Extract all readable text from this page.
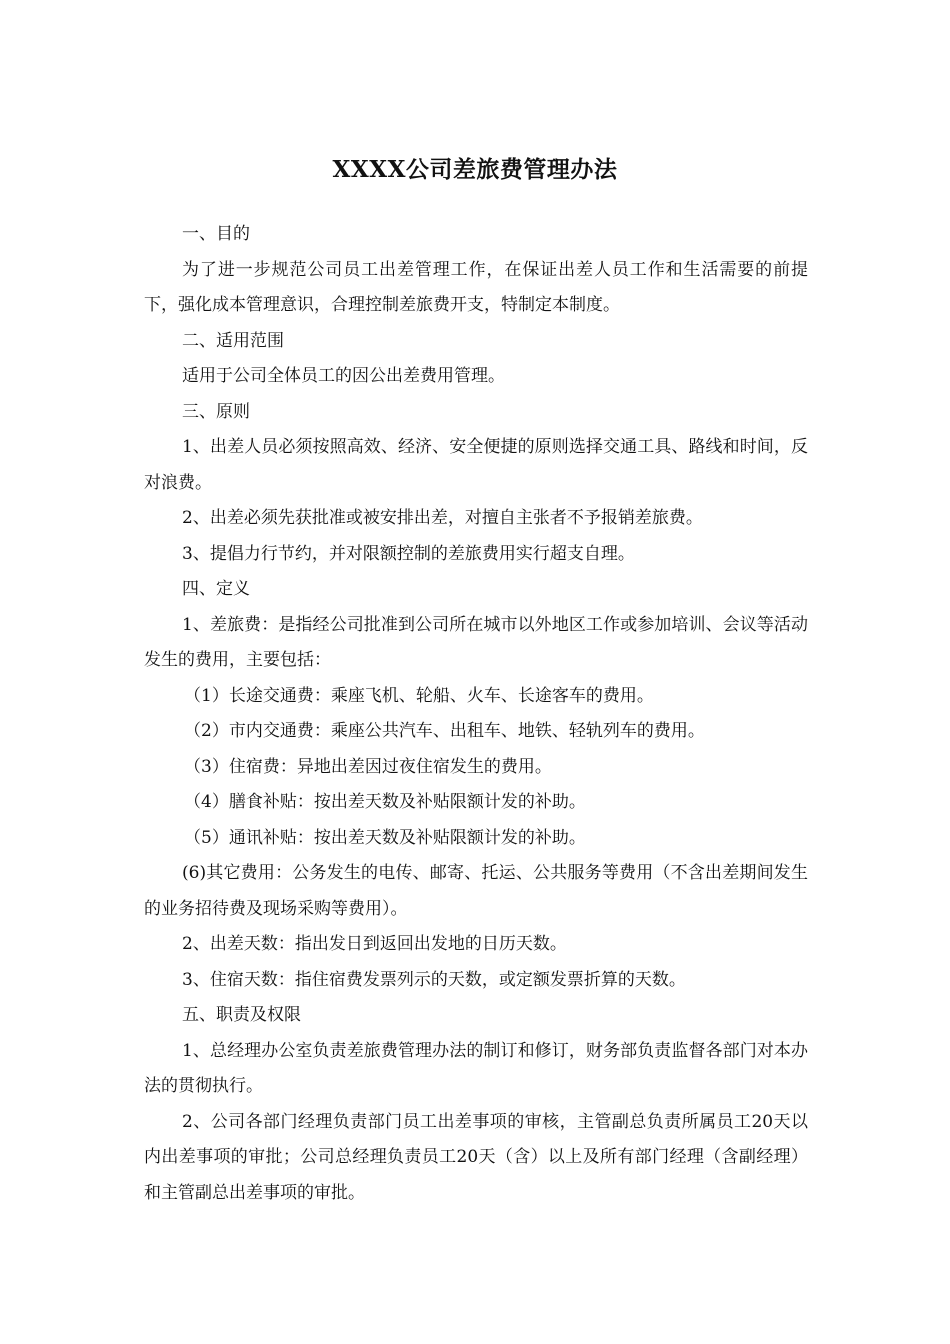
XXXX公司差旅费管理办法

一、目的

为了进一步规范公司员工出差管理工作，在保证出差人员工作和生活需要的前提下，强化成本管理意识，合理控制差旅费开支，特制定本制度。

二、适用范围

适用于公司全体员工的因公出差费用管理。

三、原则

1、出差人员必须按照高效、经济、安全便捷的原则选择交通工具、路线和时间，反对浪费。

2、出差必须先获批准或被安排出差，对擅自主张者不予报销差旅费。

3、提倡力行节约，并对限额控制的差旅费用实行超支自理。

四、定义

1、差旅费：是指经公司批准到公司所在城市以外地区工作或参加培训、会议等活动发生的费用，主要包括：

（1）长途交通费：乘座飞机、轮船、火车、长途客车的费用。

（2）市内交通费：乘座公共汽车、出租车、地铁、轻轨列车的费用。

（3）住宿费：异地出差因过夜住宿发生的费用。

（4）膳食补贴：按出差天数及补贴限额计发的补助。

（5）通讯补贴：按出差天数及补贴限额计发的补助。

(6)其它费用：公务发生的电传、邮寄、托运、公共服务等费用（不含出差期间发生的业务招待费及现场采购等费用）。

2、出差天数：指出发日到返回出发地的日历天数。

3、住宿天数：指住宿费发票列示的天数，或定额发票折算的天数。

五、职责及权限

1、总经理办公室负责差旅费管理办法的制订和修订，财务部负责监督各部门对本办法的贯彻执行。

2、公司各部门经理负责部门员工出差事项的审核，主管副总负责所属员工20天以内出差事项的审批；公司总经理负责员工20天（含）以上及所有部门经理（含副经理）和主管副总出差事项的审批。
